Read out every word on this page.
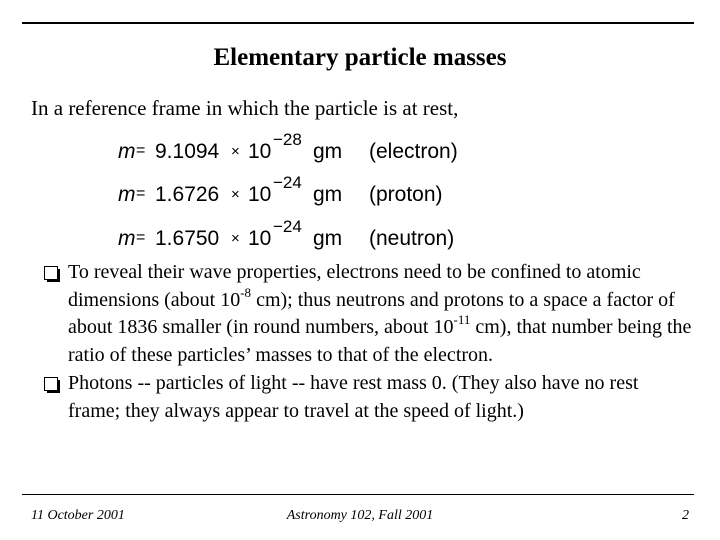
Elementary particle masses
In a reference frame in which the particle is at rest,
m = 9.1094 × 10
−28
gm (electron)
m = 1.6726 × 10
−24
gm (proton)
m = 1.6750 × 10
−24
gm (neutron)
To reveal their wave properties, electrons need to be confined to atomic dimensions (about $10^{-8}$ cm); thus neutrons and protons to a space a factor of about 1836 smaller (in round numbers, about $10^{-11}$ cm), that number being the ratio of these particles’ masses to that of the electron.
Photons -- particles of light -- have rest mass 0. (They also have no rest frame; they always appear to travel at the speed of light.)
11 October 2001	Astronomy 102, Fall 2001	2
